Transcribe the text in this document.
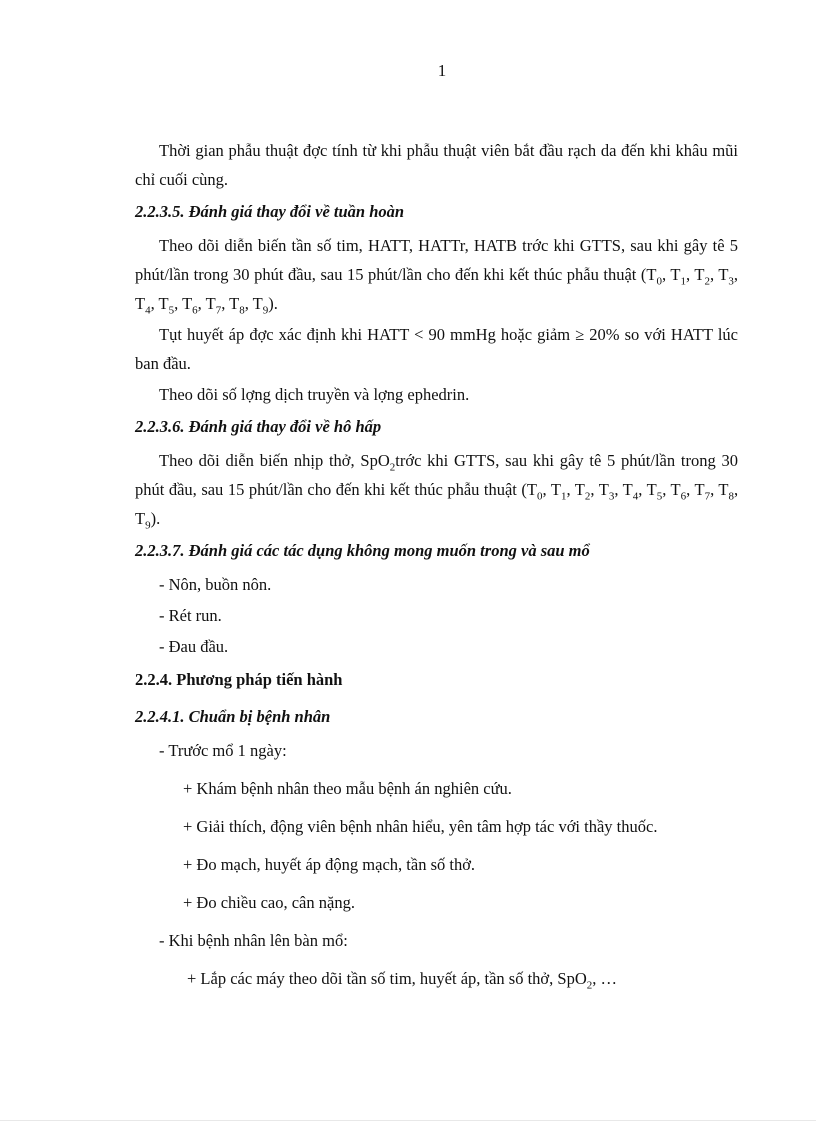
1

Thời gian phẫu thuật đợc tính từ khi phẫu thuật viên bắt đầu rạch da đến khi khâu mũi chỉ cuối cùng.

2.2.3.5. Đánh giá thay đổi về tuần hoàn

Theo dõi diễn biến tần số tim, HATT, HATTr, HATB trớc khi GTTS, sau khi gây tê 5 phút/lần trong 30 phút đầu, sau 15 phút/lần cho đến khi kết thúc phẫu thuật ($T_0$, $T_1$, $T_2$, $T_3$, $T_4$, $T_5$, $T_6$, $T_7$, $T_8$, $T_9$).

Tụt huyết áp đợc xác định khi HATT < 90 mmHg hoặc giảm ≥ 20% so với HATT lúc ban đầu.

Theo dõi số lợng dịch truyền và lợng ephedrin.

2.2.3.6. Đánh giá thay đổi về hô hấp

Theo dõi diễn biến nhịp thở, SpO$_2$trớc khi GTTS, sau khi gây tê 5 phút/lần trong 30 phút đầu, sau 15 phút/lần cho đến khi kết thúc phẫu thuật ($T_0$, $T_1$, $T_2$, $T_3$, $T_4$, $T_5$, $T_6$, $T_7$, $T_8$, $T_9$).

2.2.3.7. Đánh giá các tác dụng không mong muốn trong và sau mổ

- Nôn, buồn nôn.

- Rét run.

- Đau đầu.

2.2.4. Phương pháp tiến hành

2.2.4.1. Chuẩn bị bệnh nhân

- Trước mổ 1 ngày:

+ Khám bệnh nhân theo mẫu bệnh án nghiên cứu.

+ Giải thích, động viên bệnh nhân hiểu, yên tâm hợp tác với thầy thuốc.

+ Đo mạch, huyết áp động mạch, tần số thở.

+ Đo chiều cao, cân nặng.

- Khi bệnh nhân lên bàn mổ:

+ Lắp các máy theo dõi tần số tim, huyết áp, tần số thở, SpO$_2$, …
